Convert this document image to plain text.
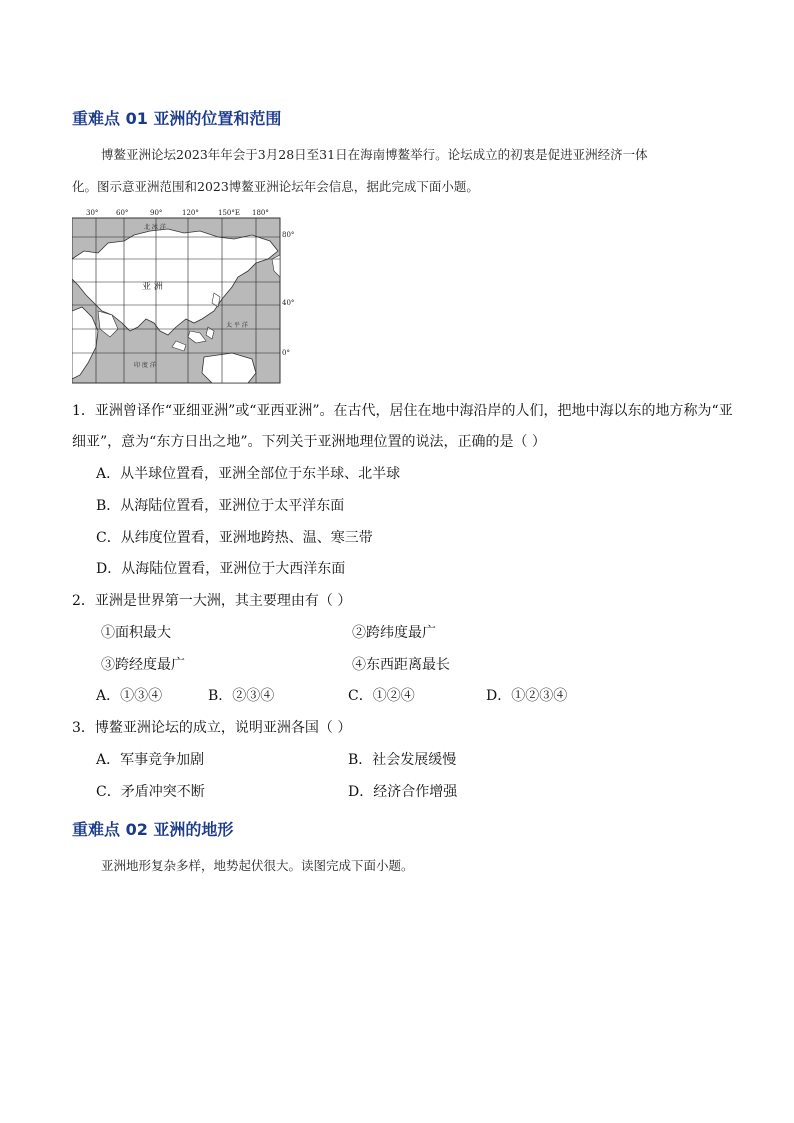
重难点 01 亚洲的位置和范围
博鳌亚洲论坛2023年年会于3月28日至31日在海南博鳌举行。论坛成立的初衷是促进亚洲经济一体
化。图示意亚洲范围和2023博鳌亚洲论坛年会信息，据此完成下面小题。
30°	60°	90°	120°	150°E 180°
80°
40°
0°
亚 洲
北 冰 洋
太 平 洋
印 度 洋
1．亚洲曾译作“亚细亚洲”或“亚西亚洲”。在古代，居住在地中海沿岸的人们，把地中海以东的地方称为“亚
细亚”，意为“东方日出之地”。下列关于亚洲地理位置的说法，正确的是（ ）
A．从半球位置看，亚洲全部位于东半球、北半球
B．从海陆位置看，亚洲位于太平洋东面
C．从纬度位置看，亚洲地跨热、温、寒三带
D．从海陆位置看，亚洲位于大西洋东面
2．亚洲是世界第一大洲，其主要理由有（ ）
①面积最大	②跨纬度最广
③跨经度最广	④东西距离最长
A．①③④	B．②③④	C．①②④	D．①②③④
3．博鳌亚洲论坛的成立，说明亚洲各国（ ）
A．军事竞争加剧	B．社会发展缓慢
C．矛盾冲突不断	D．经济合作增强
重难点 02 亚洲的地形
亚洲地形复杂多样，地势起伏很大。读图完成下面小题。
